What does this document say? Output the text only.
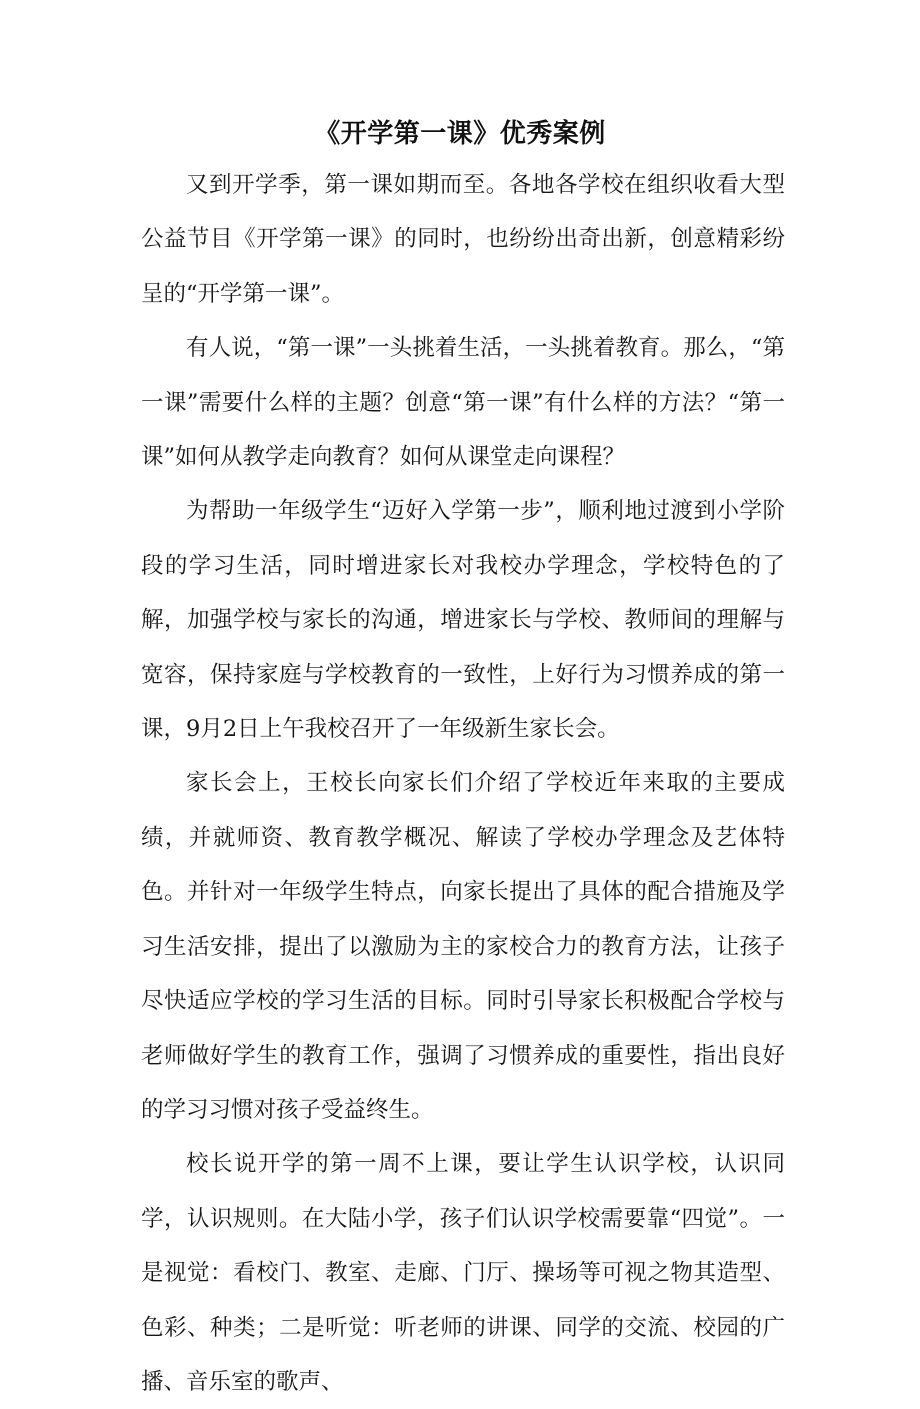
《开学第一课》优秀案例

又到开学季，第一课如期而至。各地各学校在组织收看大型公益节目《开学第一课》的同时，也纷纷出奇出新，创意精彩纷呈的“开学第一课”。

有人说，“第一课”一头挑着生活，一头挑着教育。那么，“第一课”需要什么样的主题？创意“第一课”有什么样的方法？“第一课”如何从教学走向教育？如何从课堂走向课程？

为帮助一年级学生“迈好入学第一步”，顺利地过渡到小学阶段的学习生活，同时增进家长对我校办学理念，学校特色的了解，加强学校与家长的沟通，增进家长与学校、教师间的理解与宽容，保持家庭与学校教育的一致性，上好行为习惯养成的第一课，9月2日上午我校召开了一年级新生家长会。

家长会上，王校长向家长们介绍了学校近年来取的主要成绩，并就师资、教育教学概况、解读了学校办学理念及艺体特色。并针对一年级学生特点，向家长提出了具体的配合措施及学习生活安排，提出了以激励为主的家校合力的教育方法，让孩子尽快适应学校的学习生活的目标。同时引导家长积极配合学校与老师做好学生的教育工作，强调了习惯养成的重要性，指出良好的学习习惯对孩子受益终生。

校长说开学的第一周不上课，要让学生认识学校，认识同学，认识规则。在大陆小学，孩子们认识学校需要靠“四觉”。一是视觉：看校门、教室、走廊、门厅、操场等可视之物其造型、色彩、种类；二是听觉：听老师的讲课、同学的交流、校园的广播、音乐室的歌声、
